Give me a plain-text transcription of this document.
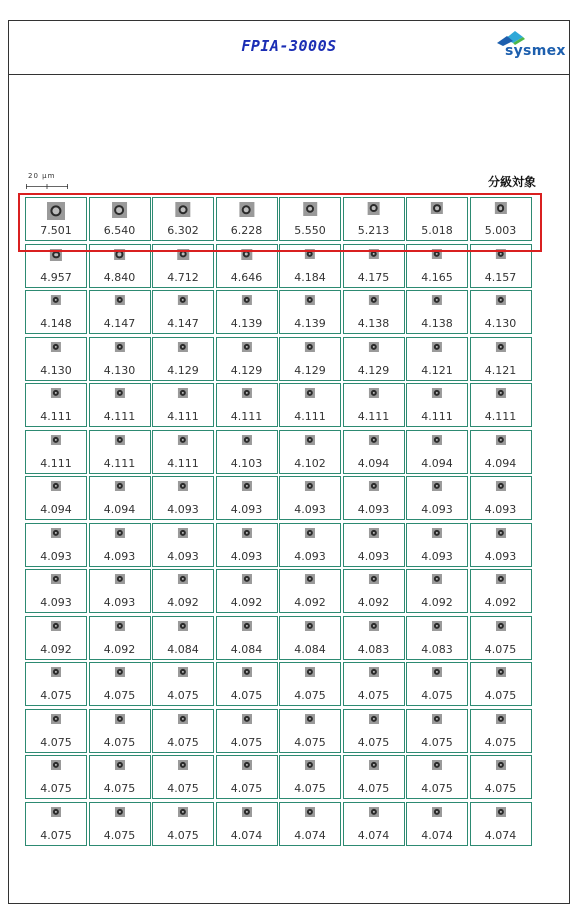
FPIA-3000S	sysmex
20 μm	分級対象
7.501	6.540	6.302	6.228	5.550	5.213	5.018	5.003
4.957	4.840	4.712	4.646	4.184	4.175	4.165	4.157
4.148	4.147	4.147	4.139	4.139	4.138	4.138	4.130
4.130	4.130	4.129	4.129	4.129	4.129	4.121	4.121
4.111	4.111	4.111	4.111	4.111	4.111	4.111	4.111
4.111	4.111	4.111	4.103	4.102	4.094	4.094	4.094
4.094	4.094	4.093	4.093	4.093	4.093	4.093	4.093
4.093	4.093	4.093	4.093	4.093	4.093	4.093	4.093
4.093	4.093	4.092	4.092	4.092	4.092	4.092	4.092
4.092	4.092	4.084	4.084	4.084	4.083	4.083	4.075
4.075	4.075	4.075	4.075	4.075	4.075	4.075	4.075
4.075	4.075	4.075	4.075	4.075	4.075	4.075	4.075
4.075	4.075	4.075	4.075	4.075	4.075	4.075	4.075
4.075	4.075	4.075	4.074	4.074	4.074	4.074	4.074
